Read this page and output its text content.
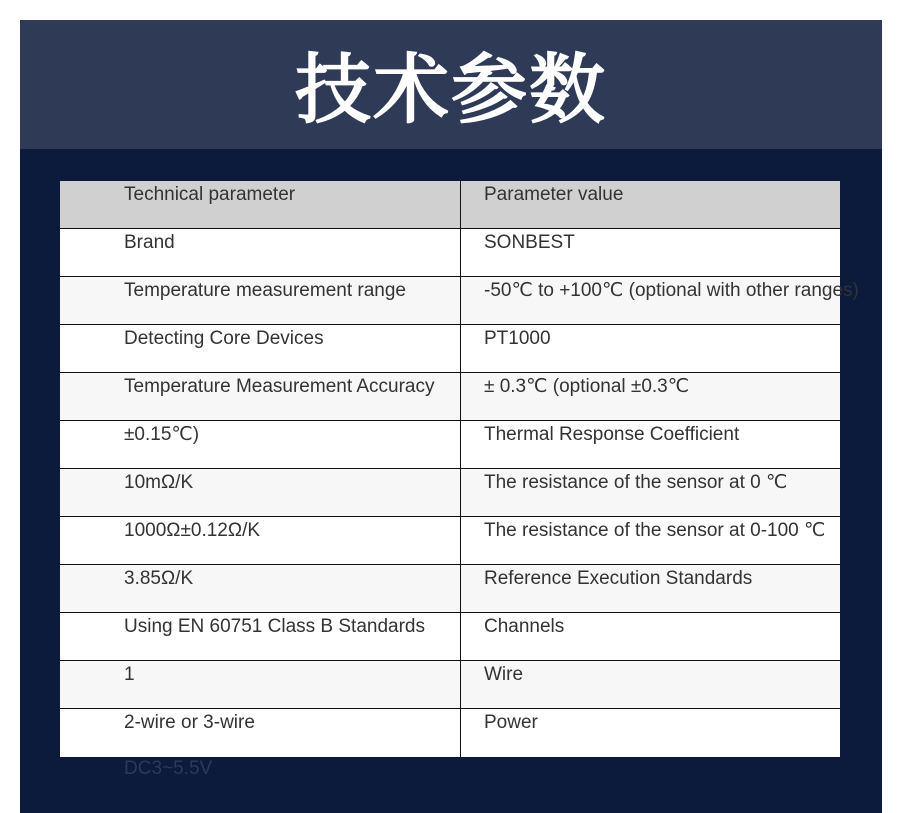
技术参数
Technical parameter	Parameter value
Brand	SONBEST
Temperature measurement range	-50℃ to +100℃ (optional with other ranges)
Detecting Core Devices	PT1000
Temperature Measurement Accuracy	± 0.3℃ (optional ±0.3℃
±0.15℃)	Thermal Response Coefficient
10mΩ/K	The resistance of the sensor at 0 ℃
1000Ω±0.12Ω/K	The resistance of the sensor at 0-100 ℃
3.85Ω/K	Reference Execution Standards
Using EN 60751 Class B Standards	Channels
1	Wire
2-wire or 3-wire	Power
DC3~5.5V
